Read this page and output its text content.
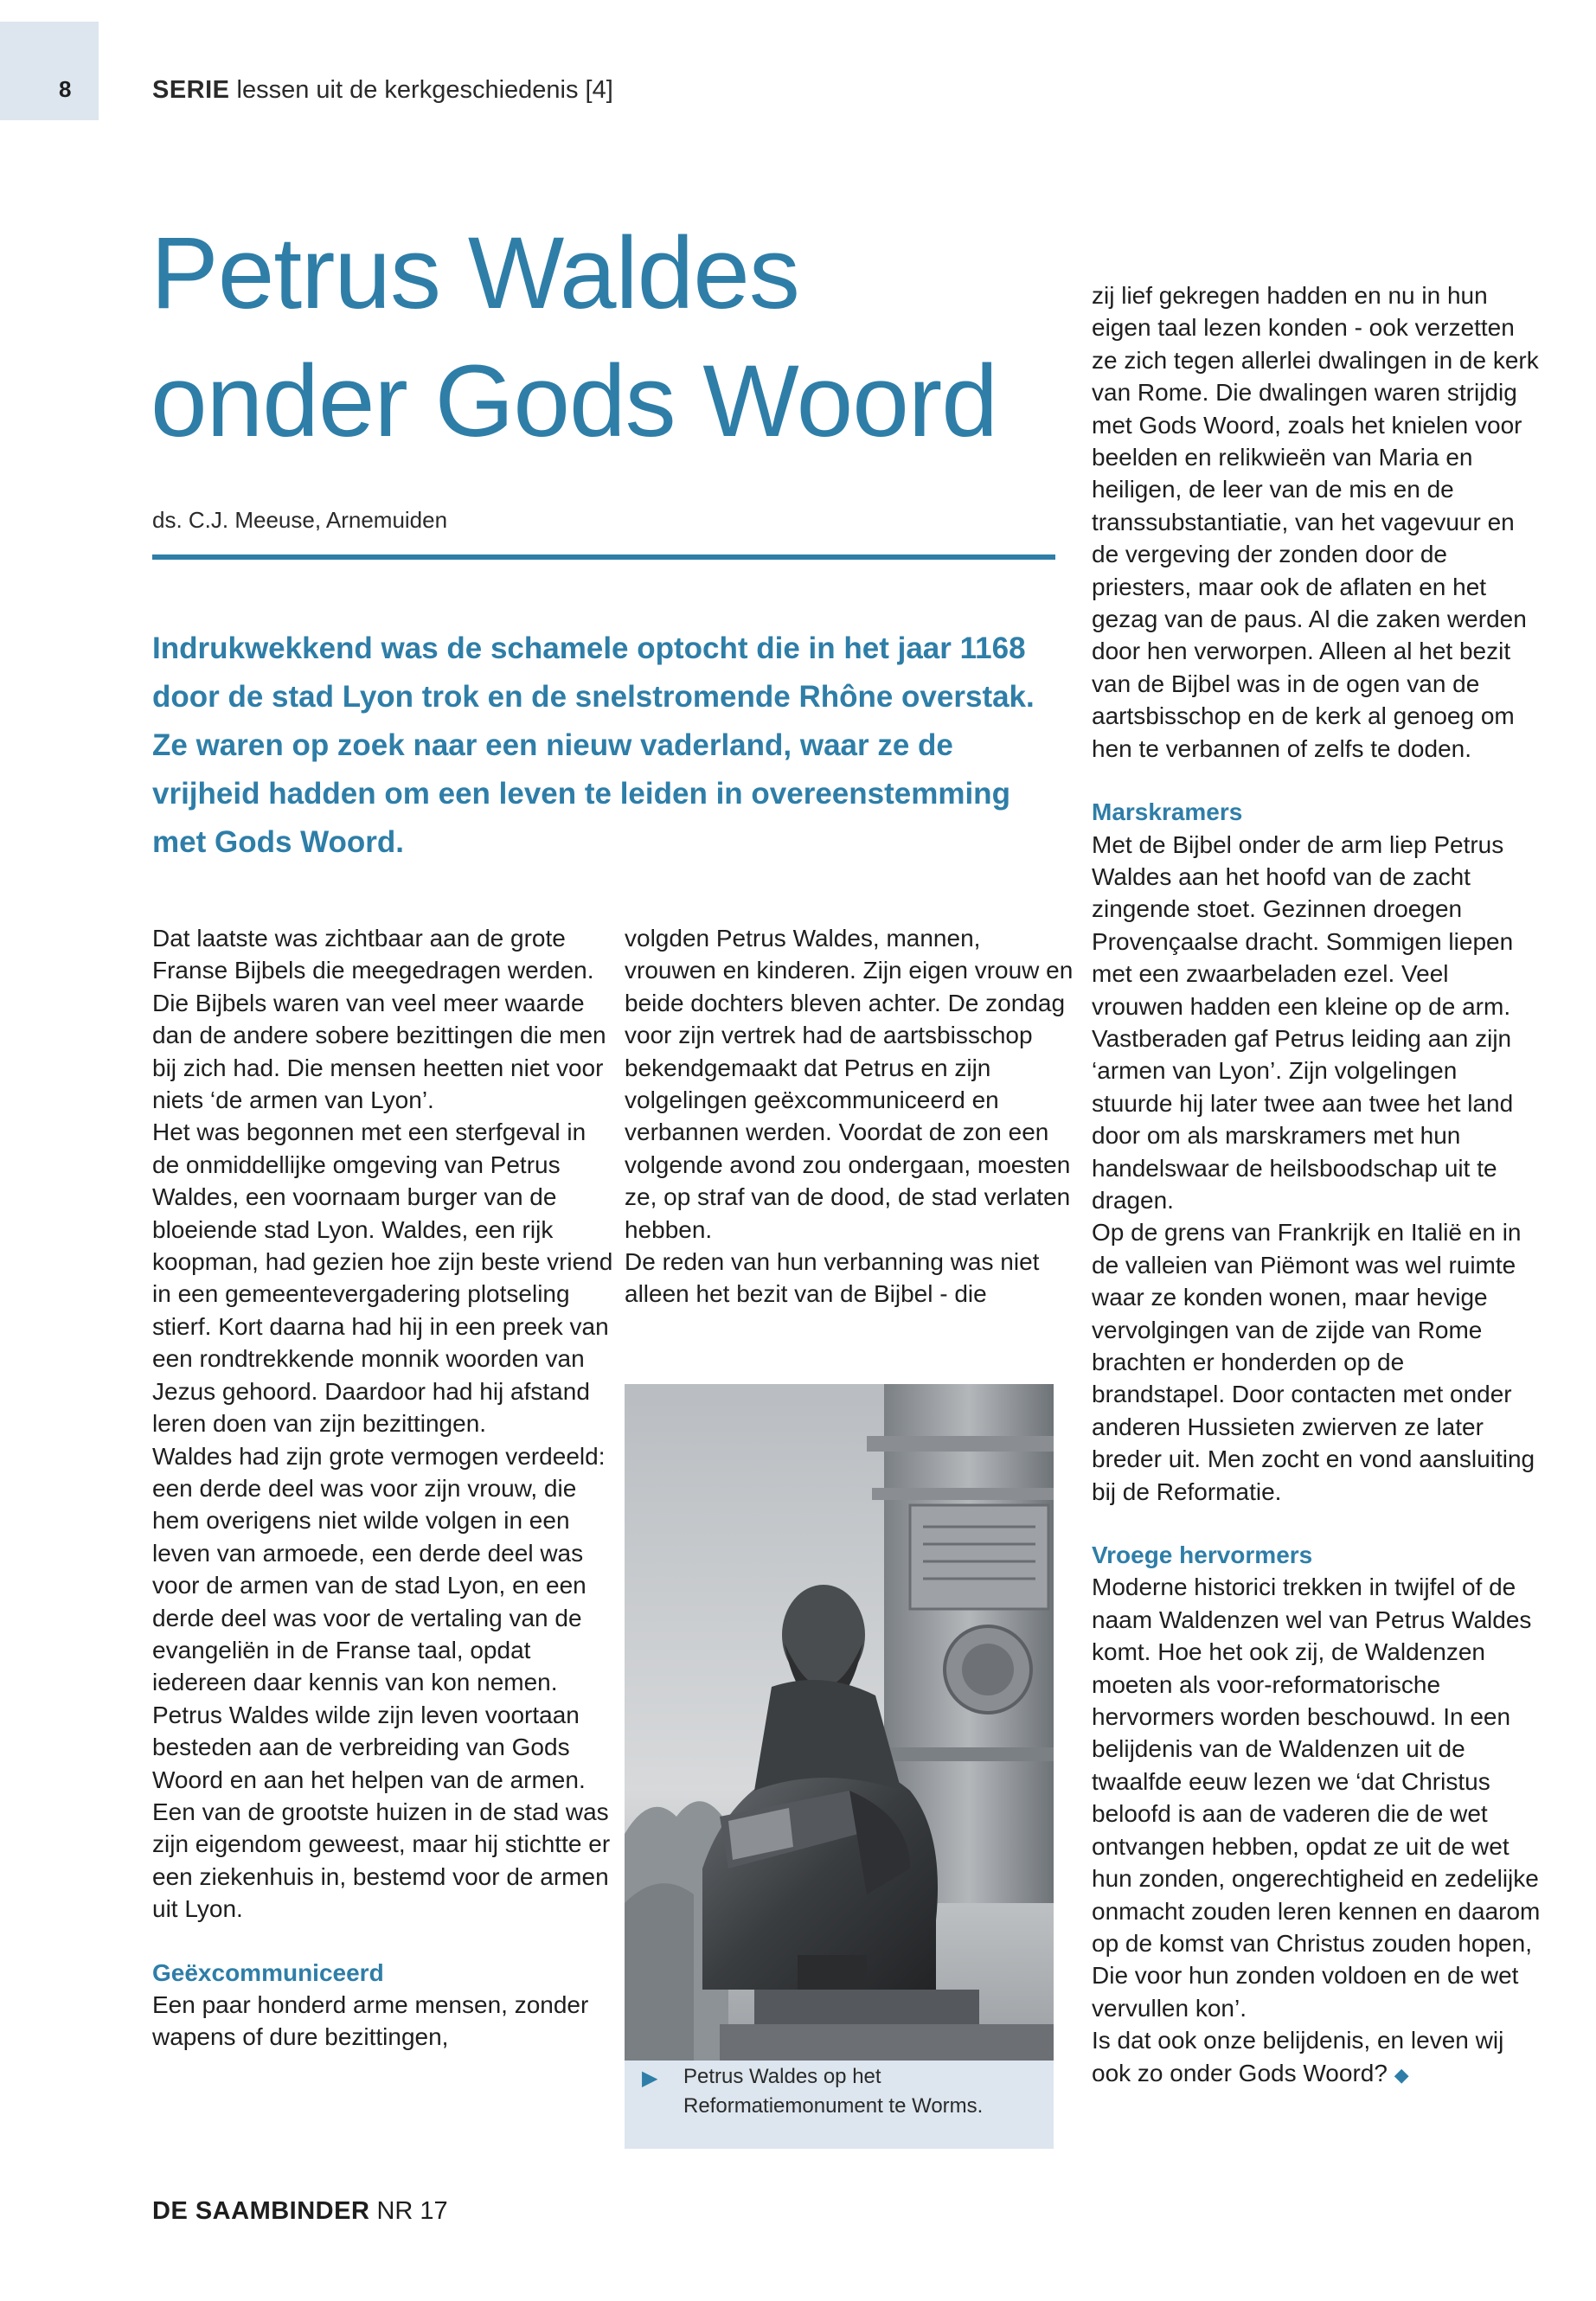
8	SERIE lessen uit de kerkgeschiedenis [4]
Petrus Waldes
onder Gods Woord
ds. C.J. Meeuse, Arnemuiden
Indrukwekkend was de schamele optocht die in het jaar 1168 door de stad Lyon trok en de snelstromende Rhône overstak. Ze waren op zoek naar een nieuw vaderland, waar ze de vrijheid hadden om een leven te leiden in overeenstemming met Gods Woord.

Dat laatste was zichtbaar aan de grote Franse Bijbels die meegedragen werden. Die Bijbels waren van veel meer waarde dan de andere sobere bezittingen die men bij zich had. Die mensen heetten niet voor niets ‘de armen van Lyon’.

Het was begonnen met een sterfgeval in de onmiddellijke omgeving van Petrus Waldes, een voornaam burger van de bloeiende stad Lyon. Waldes, een rijk koopman, had gezien hoe zijn beste vriend in een gemeentevergadering plotseling stierf. Kort daarna had hij in een preek van een rondtrekkende monnik woorden van Jezus gehoord. Daardoor had hij afstand leren doen van zijn bezittingen.

Waldes had zijn grote vermogen verdeeld: een derde deel was voor zijn vrouw, die hem overigens niet wilde volgen in een leven van armoede, een derde deel was voor de armen van de stad Lyon, en een derde deel was voor de vertaling van de evangeliën in de Franse taal, opdat iedereen daar kennis van kon nemen. Petrus Waldes wilde zijn leven voortaan besteden aan de verbreiding van Gods Woord en aan het helpen van de armen.

Een van de grootste huizen in de stad was zijn eigendom geweest, maar hij stichtte er een ziekenhuis in, bestemd voor de armen uit Lyon.

Geëxcommuniceerd

Een paar honderd arme mensen, zonder wapens of dure bezittingen,

volgden Petrus Waldes, mannen, vrouwen en kinderen. Zijn eigen vrouw en beide dochters bleven achter. De zondag voor zijn vertrek had de aartsbisschop bekendgemaakt dat Petrus en zijn volgelingen geëxcommuniceerd en verbannen werden. Voordat de zon een volgende avond zou ondergaan, moesten ze, op straf van de dood, de stad verlaten hebben.

De reden van hun verbanning was niet alleen het bezit van de Bijbel - die

▶ Petrus Waldes op het Reformatiemonument te Worms.

zij lief gekregen hadden en nu in hun eigen taal lezen konden - ook verzetten ze zich tegen allerlei dwalingen in de kerk van Rome. Die dwalingen waren strijdig met Gods Woord, zoals het knielen voor beelden en relikwieën van Maria en heiligen, de leer van de mis en de transsubstantiatie, van het vagevuur en de vergeving der zonden door de priesters, maar ook de aflaten en het gezag van de paus. Al die zaken werden door hen verworpen. Alleen al het bezit van de Bijbel was in de ogen van de aartsbisschop en de kerk al genoeg om hen te verbannen of zelfs te doden.

Marskramers

Met de Bijbel onder de arm liep Petrus Waldes aan het hoofd van de zacht zingende stoet. Gezinnen droegen Provençaalse dracht. Sommigen liepen met een zwaarbeladen ezel. Veel vrouwen hadden een kleine op de arm. Vastberaden gaf Petrus leiding aan zijn ‘armen van Lyon’. Zijn volgelingen stuurde hij later twee aan twee het land door om als marskramers met hun handelswaar de heilsboodschap uit te dragen.

Op de grens van Frankrijk en Italië en in de valleien van Piëmont was wel ruimte waar ze konden wonen, maar hevige vervolgingen van de zijde van Rome brachten er honderden op de brandstapel. Door contacten met onder anderen Hussieten zwierven ze later breder uit. Men zocht en vond aansluiting bij de Reformatie.

Vroege hervormers

Moderne historici trekken in twijfel of de naam Waldenzen wel van Petrus Waldes komt. Hoe het ook zij, de Waldenzen moeten als voor-reformatorische hervormers worden beschouwd. In een belijdenis van de Waldenzen uit de twaalfde eeuw lezen we ‘dat Christus beloofd is aan de vaderen die de wet ontvangen hebben, opdat ze uit de wet hun zonden, ongerechtigheid en zedelijke onmacht zouden leren kennen en daarom op de komst van Christus zouden hopen, Die voor hun zonden voldoen en de wet vervullen kon’.

Is dat ook onze belijdenis, en leven wij ook zo onder Gods Woord? ◆

DE SAAMBINDER NR 17
